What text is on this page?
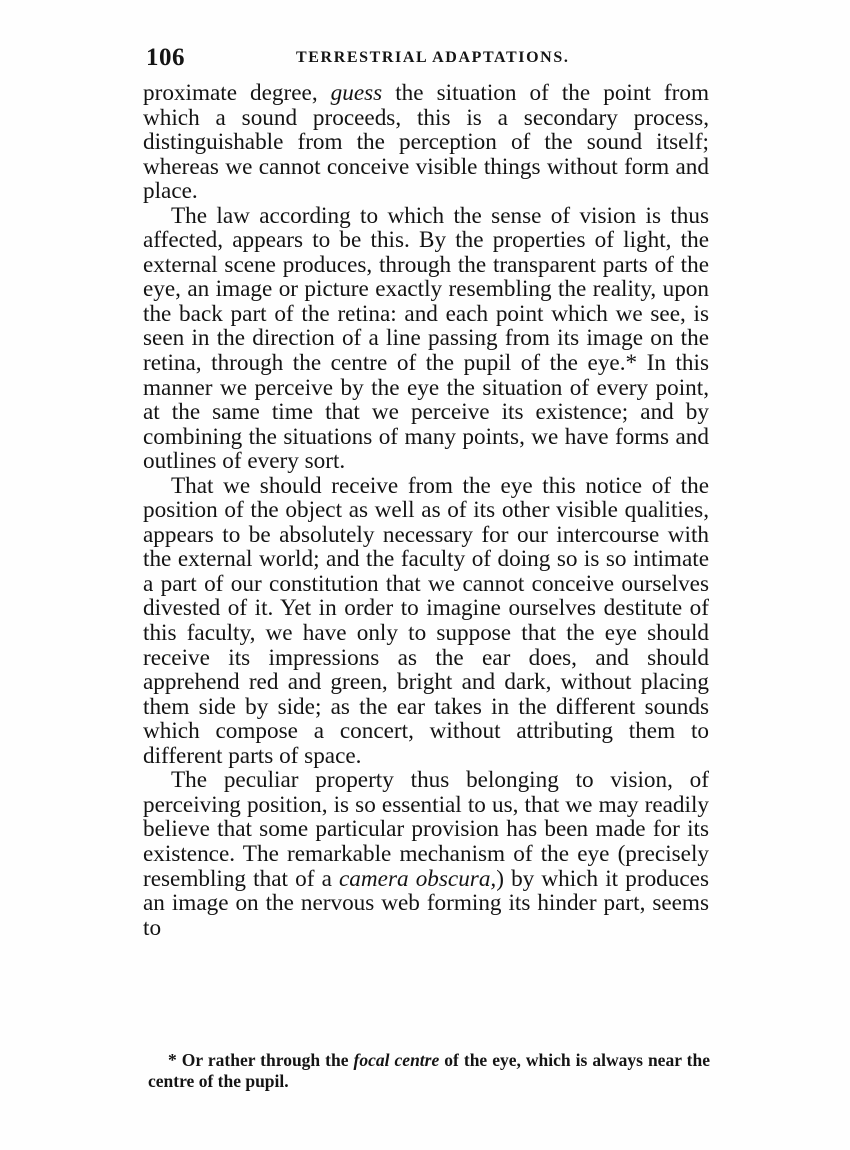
106	TERRESTRIAL ADAPTATIONS.

proximate degree, guess the situation of the point from which a sound proceeds, this is a secondary process, distinguishable from the perception of the sound itself; whereas we cannot conceive visible things without form and place.

The law according to which the sense of vision is thus affected, appears to be this. By the properties of light, the external scene produces, through the transparent parts of the eye, an image or picture exactly resembling the reality, upon the back part of the retina: and each point which we see, is seen in the direction of a line passing from its image on the retina, through the centre of the pupil of the eye.* In this manner we perceive by the eye the situation of every point, at the same time that we perceive its existence; and by combining the situations of many points, we have forms and outlines of every sort.

That we should receive from the eye this notice of the position of the object as well as of its other visible qualities, appears to be absolutely necessary for our intercourse with the external world; and the faculty of doing so is so intimate a part of our constitution that we cannot conceive ourselves divested of it. Yet in order to imagine ourselves destitute of this faculty, we have only to suppose that the eye should receive its impressions as the ear does, and should apprehend red and green, bright and dark, without placing them side by side; as the ear takes in the different sounds which compose a concert, without attributing them to different parts of space.

The peculiar property thus belonging to vision, of perceiving position, is so essential to us, that we may readily believe that some particular provision has been made for its existence. The remarkable mechanism of the eye (precisely resembling that of a camera obscura,) by which it produces an image on the nervous web forming its hinder part, seems to

* Or rather through the focal centre of the eye, which is always near the centre of the pupil.
